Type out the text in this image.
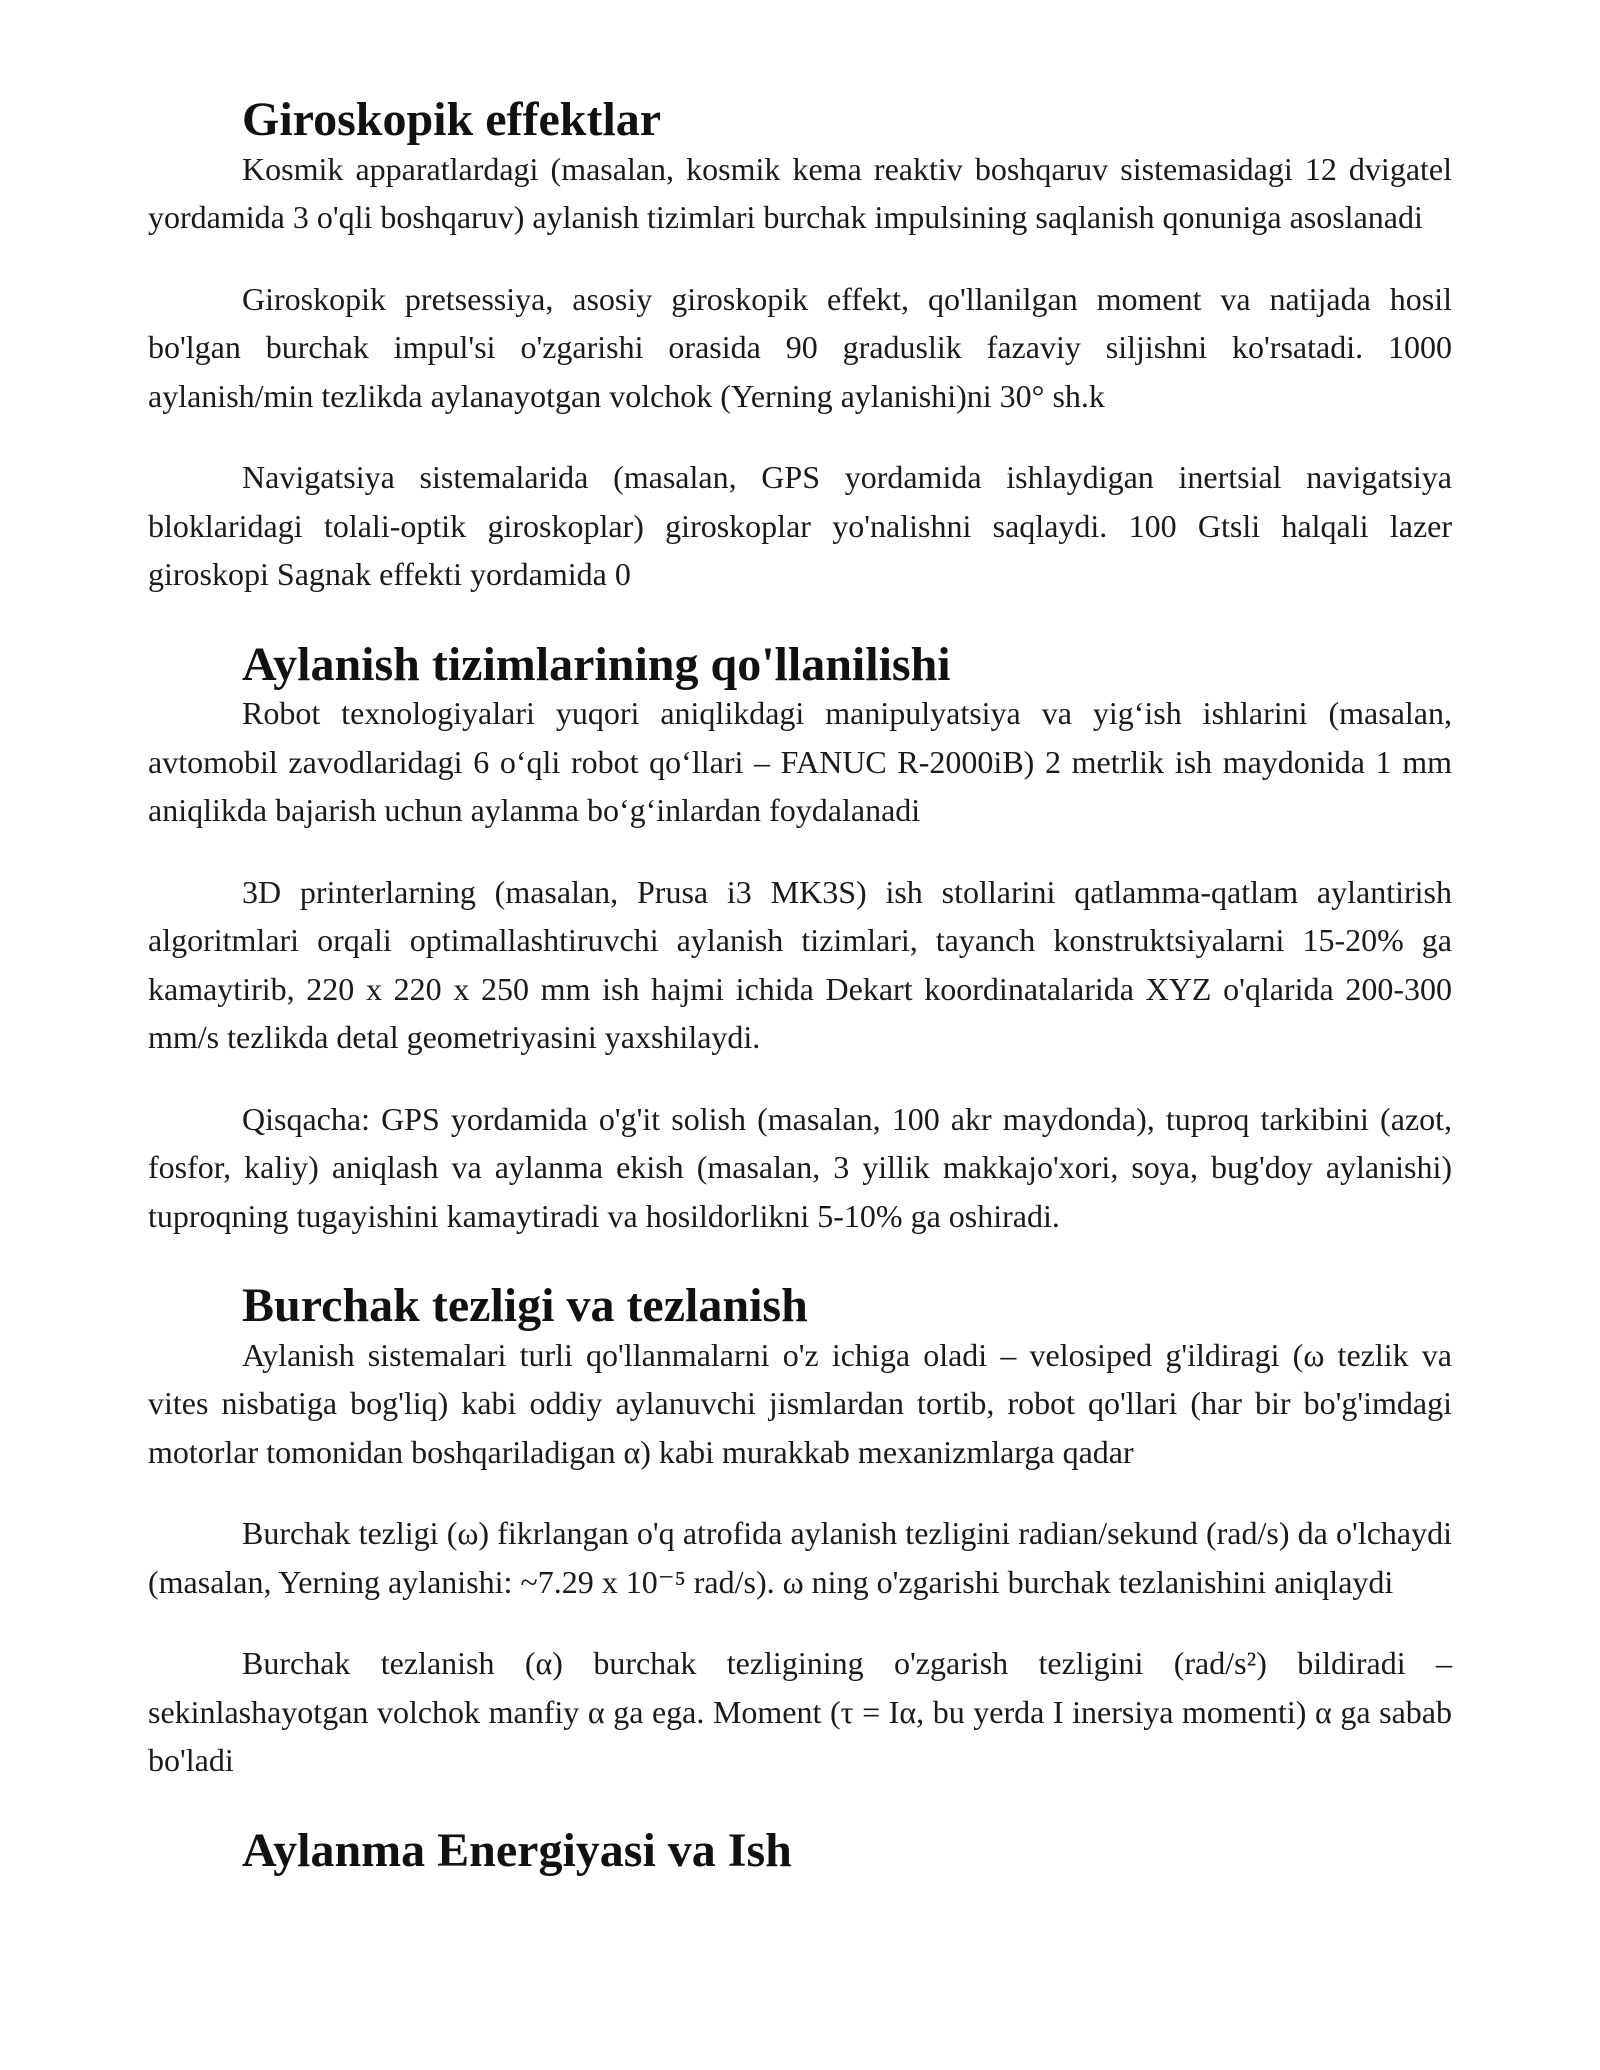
Giroskopik effektlar

Kosmik apparatlardagi (masalan, kosmik kema reaktiv boshqaruv sistemasidagi 12 dvigatel yordamida 3 o'qli boshqaruv) aylanish tizimlari burchak impulsining saqlanish qonuniga asoslanadi

Giroskopik pretsessiya, asosiy giroskopik effekt, qo'llanilgan moment va natijada hosil bo'lgan burchak impul'si o'zgarishi orasida 90 graduslik fazaviy siljishni ko'rsatadi. 1000 aylanish/min tezlikda aylanayotgan volchok (Yerning aylanishi)ni 30° sh.k

Navigatsiya sistemalarida (masalan, GPS yordamida ishlaydigan inertsial navigatsiya bloklaridagi tolali-optik giroskoplar) giroskoplar yo'nalishni saqlaydi. 100 Gtsli halqali lazer giroskopi Sagnak effekti yordamida 0

Aylanish tizimlarining qo'llanilishi

Robot texnologiyalari yuqori aniqlikdagi manipulyatsiya va yig‘ish ishlarini (masalan, avtomobil zavodlaridagi 6 o‘qli robot qo‘llari – FANUC R-2000iB) 2 metrlik ish maydonida 1 mm aniqlikda bajarish uchun aylanma bo‘g‘inlardan foydalanadi

3D printerlarning (masalan, Prusa i3 MK3S) ish stollarini qatlamma-qatlam aylantirish algoritmlari orqali optimallashtiruvchi aylanish tizimlari, tayanch konstruktsiyalarni 15-20% ga kamaytirib, 220 x 220 x 250 mm ish hajmi ichida Dekart koordinatalarida XYZ o'qlarida 200-300 mm/s tezlikda detal geometriyasini yaxshilaydi.

Qisqacha: GPS yordamida o'g'it solish (masalan, 100 akr maydonda), tuproq tarkibini (azot, fosfor, kaliy) aniqlash va aylanma ekish (masalan, 3 yillik makkajo'xori, soya, bug'doy aylanishi) tuproqning tugayishini kamaytiradi va hosildorlikni 5-10% ga oshiradi.

Burchak tezligi va tezlanish

Aylanish sistemalari turli qo'llanmalarni o'z ichiga oladi – velosiped g'ildiragi (ω tezlik va vites nisbatiga bog'liq) kabi oddiy aylanuvchi jismlardan tortib, robot qo'llari (har bir bo'g'imdagi motorlar tomonidan boshqariladigan α) kabi murakkab mexanizmlarga qadar

Burchak tezligi (ω) fikrlangan o'q atrofida aylanish tezligini radian/sekund (rad/s) da o'lchaydi (masalan, Yerning aylanishi: ~7.29 x 10⁻⁵ rad/s). ω ning o'zgarishi burchak tezlanishini aniqlaydi

Burchak tezlanish (α) burchak tezligining o'zgarish tezligini (rad/s²) bildiradi – sekinlashayotgan volchok manfiy α ga ega. Moment (τ = Iα, bu yerda I inersiya momenti) α ga sabab bo'ladi

Aylanma Energiyasi va Ish
